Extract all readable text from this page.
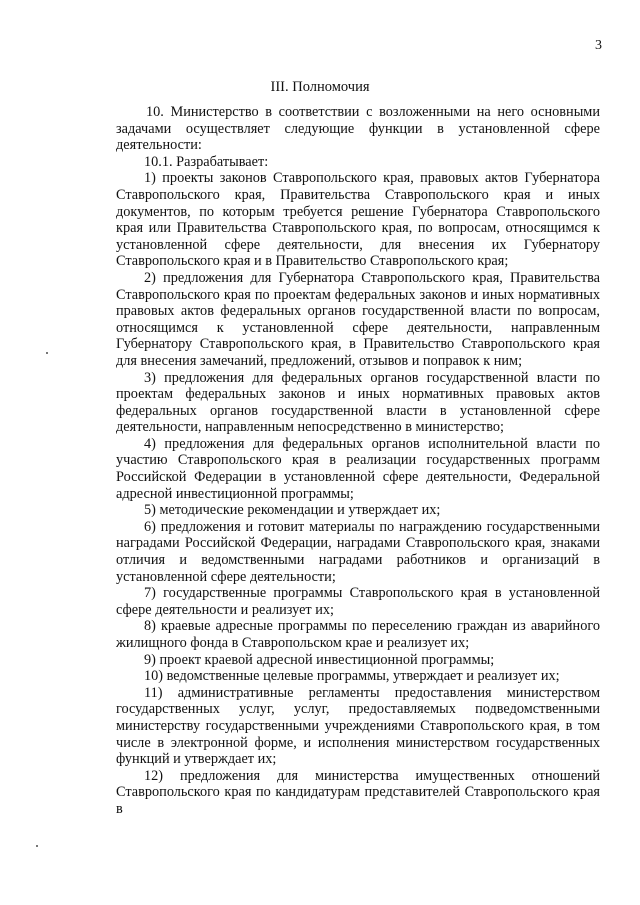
3
III. Полномочия

10. Министерство в соответствии с возложенными на него основными задачами осуществляет следующие функции в установленной сфере деятельности:

10.1. Разрабатывает:

1) проекты законов Ставропольского края, правовых актов Губернатора Ставропольского края, Правительства Ставропольского края и иных документов, по которым требуется решение Губернатора Ставропольского края или Правительства Ставропольского края, по вопросам, относящимся к установленной сфере деятельности, для внесения их Губернатору Ставропольского края и в Правительство Ставропольского края;

2) предложения для Губернатора Ставропольского края, Правительства Ставропольского края по проектам федеральных законов и иных нормативных правовых актов федеральных органов государственной власти по вопросам, относящимся к установленной сфере деятельности, направленным Губернатору Ставропольского края, в Правительство Ставропольского края для внесения замечаний, предложений, отзывов и поправок к ним;

3) предложения для федеральных органов государственной власти по проектам федеральных законов и иных нормативных правовых актов федеральных органов государственной власти в установленной сфере деятельности, направленным непосредственно в министерство;

4) предложения для федеральных органов исполнительной власти по участию Ставропольского края в реализации государственных программ Российской Федерации в установленной сфере деятельности, Федеральной адресной инвестиционной программы;

5) методические рекомендации и утверждает их;

6) предложения и готовит материалы по награждению государственными наградами Российской Федерации, наградами Ставропольского края, знаками отличия и ведомственными наградами работников и организаций в установленной сфере деятельности;

7) государственные программы Ставропольского края в установленной сфере деятельности и реализует их;

8) краевые адресные программы по переселению граждан из аварийного жилищного фонда в Ставропольском крае и реализует их;

9) проект краевой адресной инвестиционной программы;

10) ведомственные целевые программы, утверждает и реализует их;

11) административные регламенты предоставления министерством государственных услуг, услуг, предоставляемых подведомственными министерству государственными учреждениями Ставропольского края, в том числе в электронной форме, и исполнения министерством государственных функций и утверждает их;

12) предложения для министерства имущественных отношений Ставропольского края по кандидатурам представителей Ставропольского края в
